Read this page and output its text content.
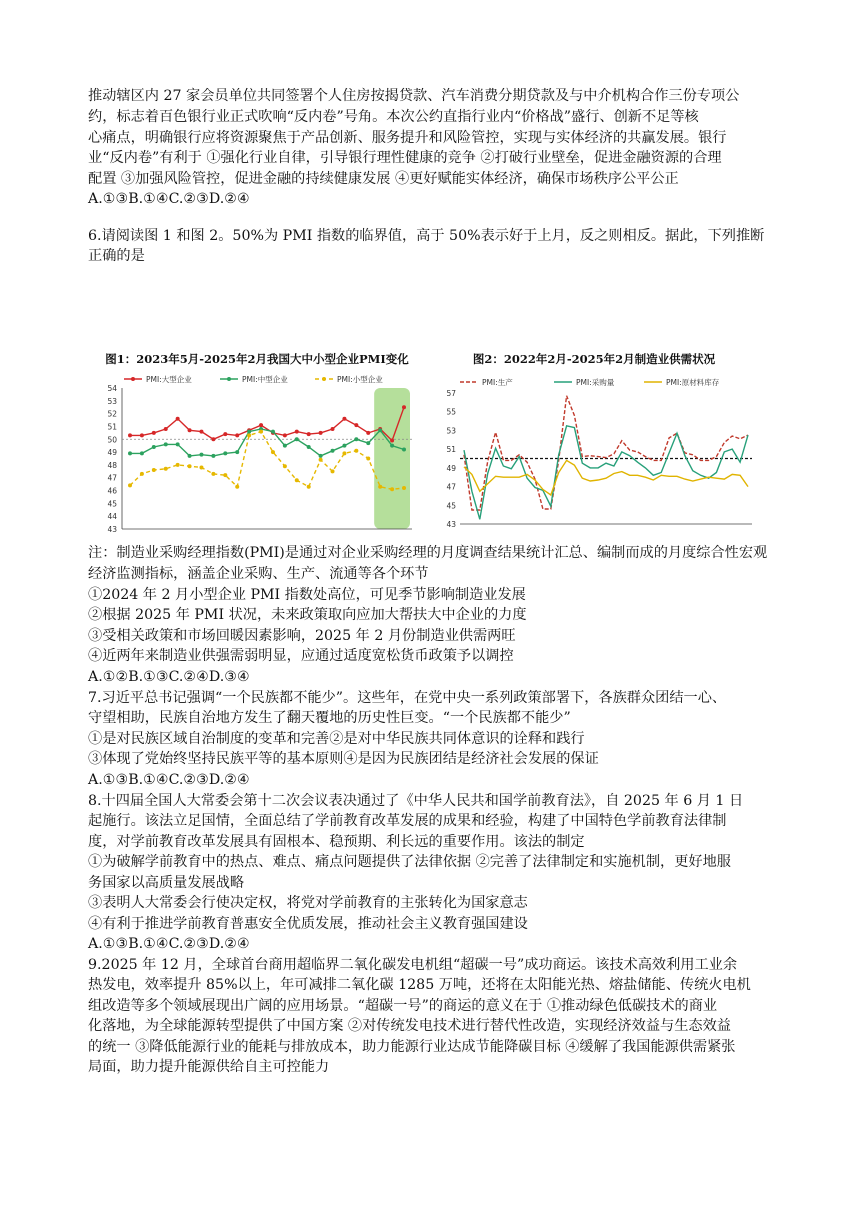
推动辖区内 27 家会员单位共同签署个人住房按揭贷款、汽车消费分期贷款及与中介机构合作三份专项公

约，标志着百色银行业正式吹响“反内卷”号角。本次公约直指行业内“价格战”盛行、创新不足等核

心痛点，明确银行应将资源聚焦于产品创新、服务提升和风险管控，实现与实体经济的共赢发展。银行

业“反内卷”有利于 ①强化行业自律，引导银行理性健康的竞争 ②打破行业壁垒，促进金融资源的合理

配置 ③加强风险管控，促进金融的持续健康发展 ④更好赋能实体经济，确保市场秩序公平公正

A.①③B.①④C.②③D.②④

6.请阅读图 1 和图 2。50%为 PMI 指数的临界值，高于 50%表示好于上月，反之则相反。据此，下列推断

正确的是

图1：2023年5月-2025年2月我国大中小型企业PMI变化
PMI:大型企业	PMI:中型企业	PMI:小型企业
43
44
45
46
47
48
49
50
51
52
53
54
图2：2022年2月-2025年2月制造业供需状况
PMI:生产	PMI:采购量	PMI:原材料库存
43
45
47
49
51
53
55
57

注：制造业采购经理指数(PMI)是通过对企业采购经理的月度调查结果统计汇总、编制而成的月度综合性宏观

经济监测指标，涵盖企业采购、生产、流通等各个环节

①2024 年 2 月小型企业 PMI 指数处高位，可见季节影响制造业发展

②根据 2025 年 PMI 状况，未来政策取向应加大帮扶大中企业的力度

③受相关政策和市场回暖因素影响，2025 年 2 月份制造业供需两旺

④近两年来制造业供强需弱明显，应通过适度宽松货币政策予以调控

A.①②B.①③C.②④D.③④

7.习近平总书记强调“一个民族都不能少”。这些年，在党中央一系列政策部署下，各族群众团结一心、

守望相助，民族自治地方发生了翻天覆地的历史性巨变。“一个民族都不能少”

①是对民族区域自治制度的变革和完善②是对中华民族共同体意识的诠释和践行

③体现了党始终坚持民族平等的基本原则④是因为民族团结是经济社会发展的保证

A.①③B.①④C.②③D.②④

8.十四届全国人大常委会第十二次会议表决通过了《中华人民共和国学前教育法》，自 2025 年 6 月 1 日

起施行。该法立足国情，全面总结了学前教育改革发展的成果和经验，构建了中国特色学前教育法律制

度，对学前教育改革发展具有固根本、稳预期、利长远的重要作用。该法的制定

①为破解学前教育中的热点、难点、痛点问题提供了法律依据 ②完善了法律制定和实施机制，更好地服

务国家以高质量发展战略

③表明人大常委会行使决定权，将党对学前教育的主张转化为国家意志

④有利于推进学前教育普惠安全优质发展，推动社会主义教育强国建设

A.①③B.①④C.②③D.②④

9.2025 年 12 月，全球首台商用超临界二氧化碳发电机组“超碳一号”成功商运。该技术高效利用工业余

热发电，效率提升 85%以上，年可减排二氧化碳 1285 万吨，还将在太阳能光热、熔盐储能、传统火电机

组改造等多个领域展现出广阔的应用场景。“超碳一号”的商运的意义在于 ①推动绿色低碳技术的商业

化落地，为全球能源转型提供了中国方案 ②对传统发电技术进行替代性改造，实现经济效益与生态效益

的统一 ③降低能源行业的能耗与排放成本，助力能源行业达成节能降碳目标 ④缓解了我国能源供需紧张

局面，助力提升能源供给自主可控能力
